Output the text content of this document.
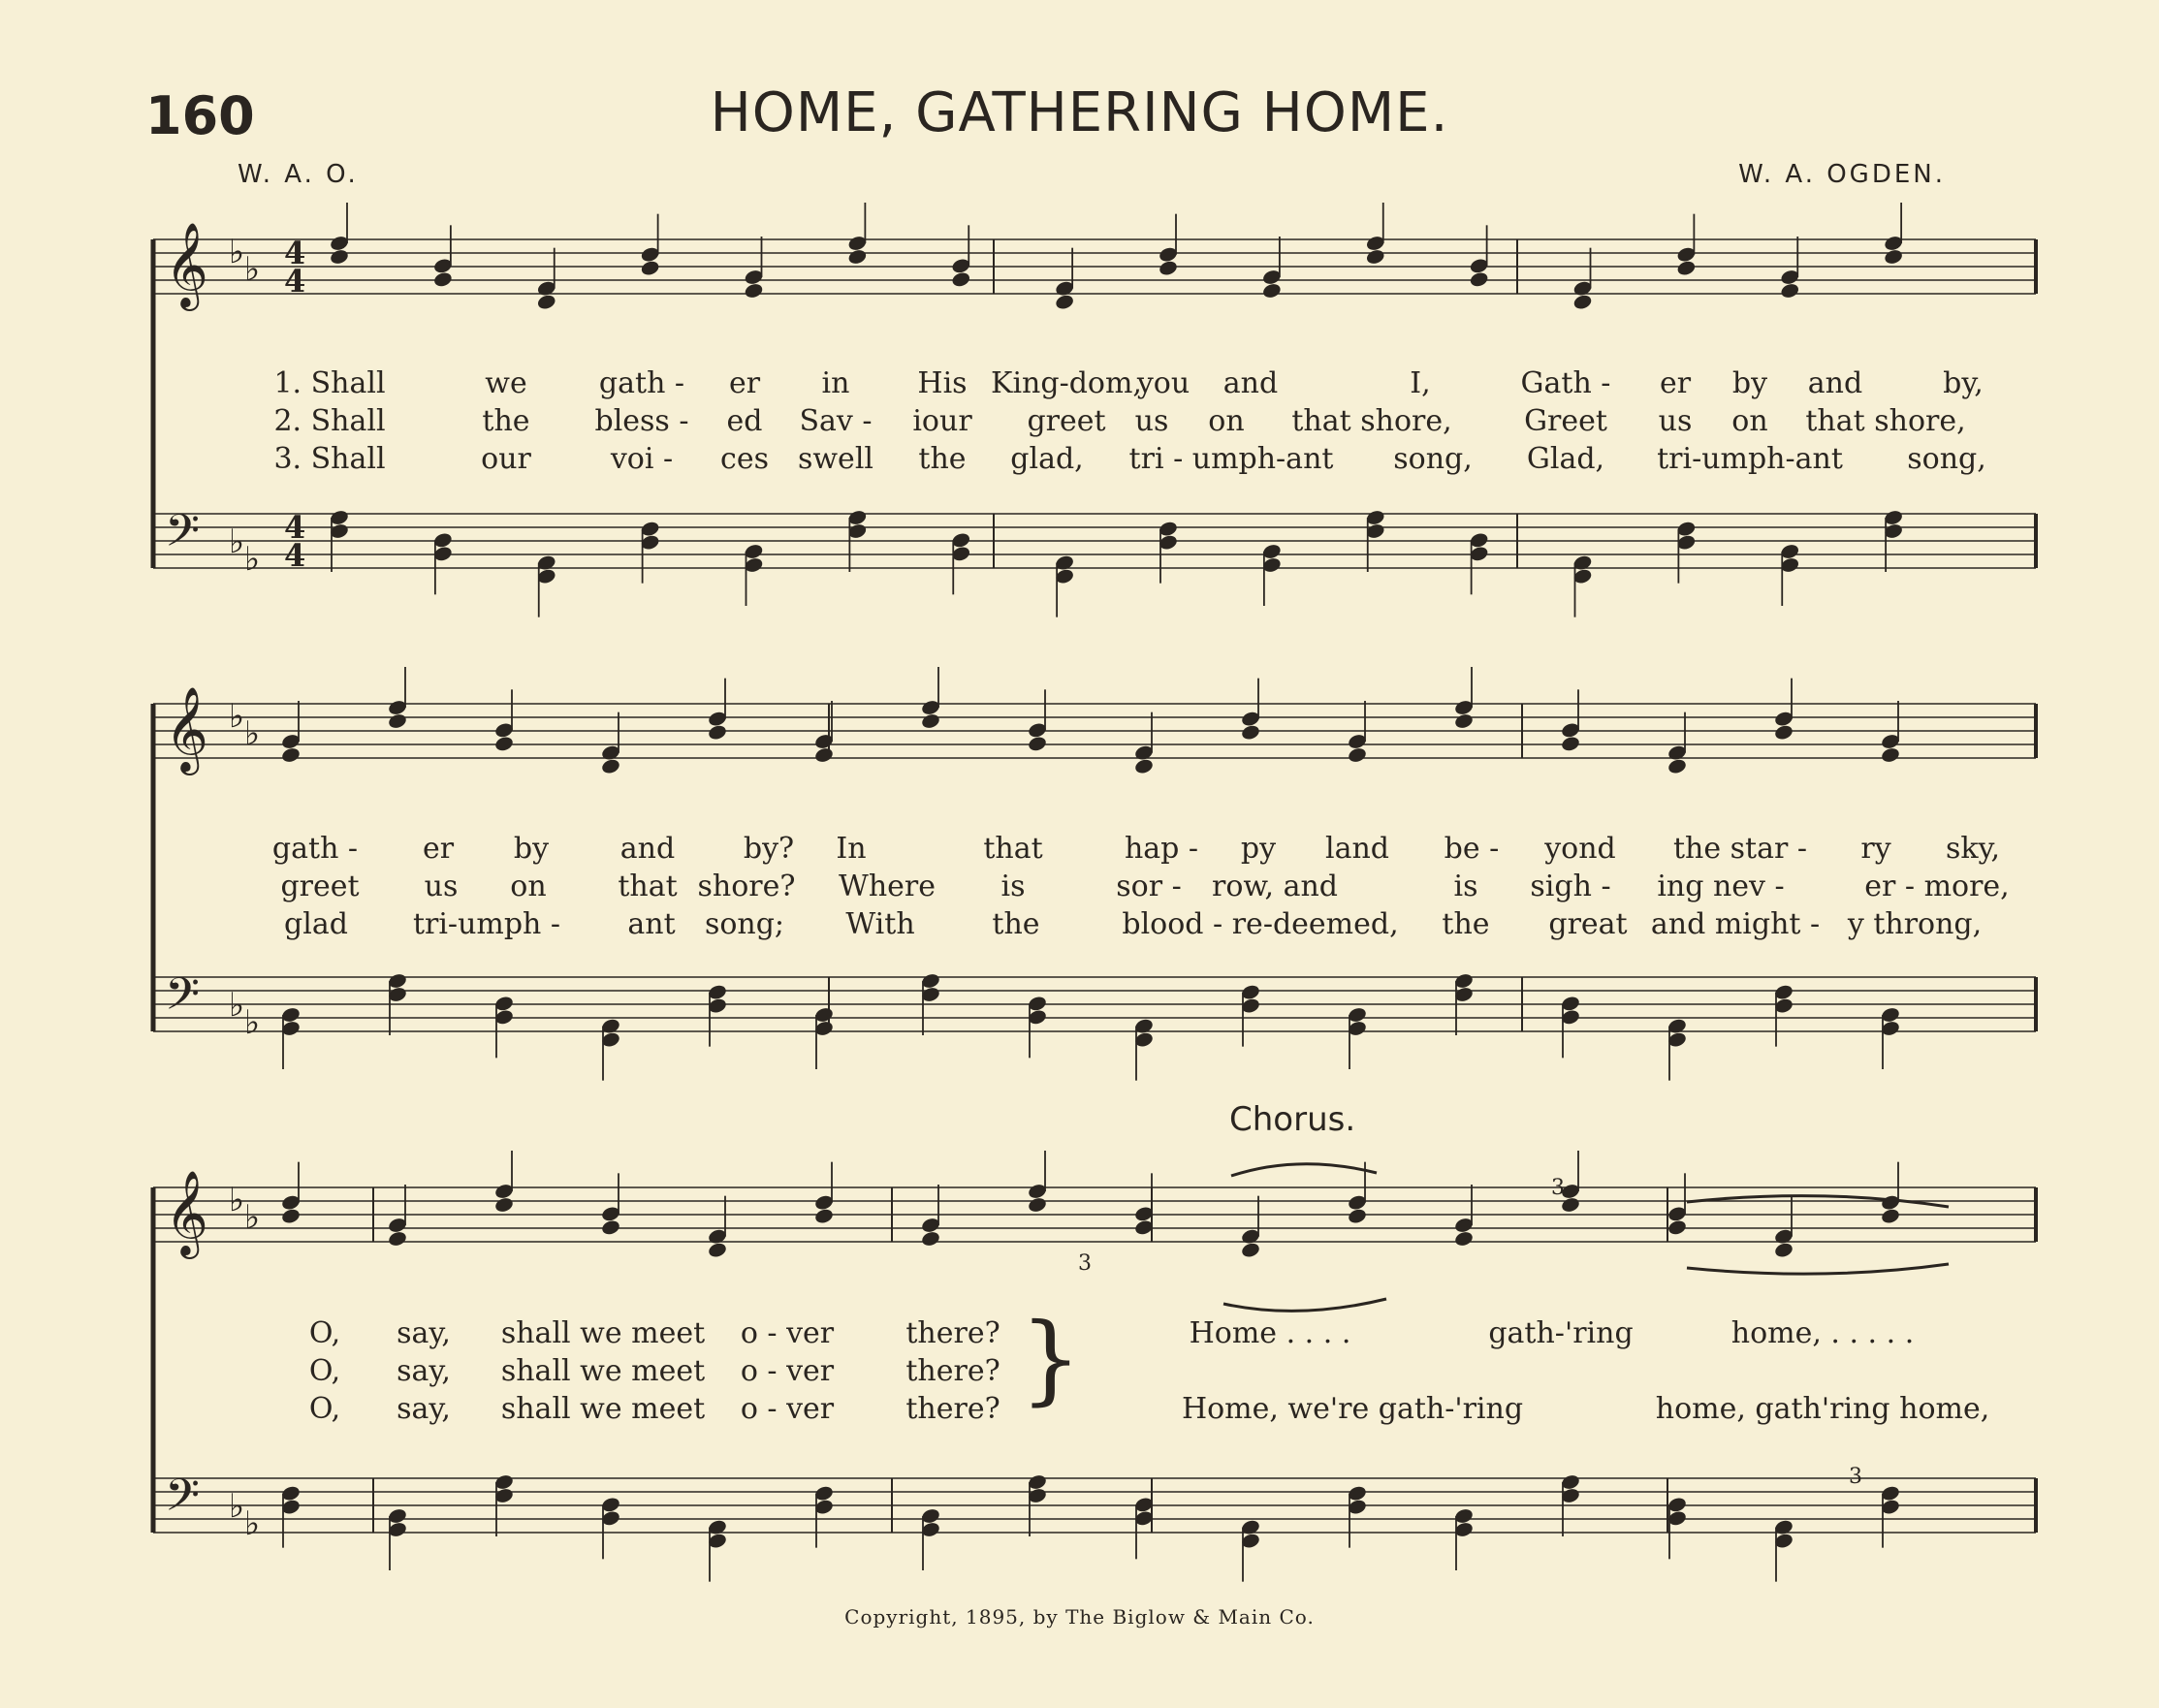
160	HOME, GATHERING HOME.
W. A. O.	W. A. OGDEN.
Chorus.
𝄞 ♭ ♭ 4
4
𝄢 ♭ ♭
4
4
𝄞 ♭ ♭
𝄢 ♭ ♭
𝄞 ♭ ♭
𝄢 ♭ ♭
3
3
3
1. Shall	we gath - er in His King-dom,
you and	I,	Gath - er by and	by,
2. Shall	the bless - ed Sav - iour greet us on that shore, Greet us on that shore,
3. Shall	our	voi - ces swell the glad, tri - umph-ant song, Glad, tri-umph-ant song,
gath - er by and by? In	that	hap - py land be - yond the star - ry sky,
greet us on that shore? Where is	sor - row, and	is sigh - ing nev -	er - more,
glad tri-umph - ant song; With	the	blood - re-deemed, the great and might - y throng,
O, say, shall we meet o - ver there?	Home . . . .	gath-'ring	home, . . . . .
O, say, shall we meet o - ver there?
O, say, shall we meet o - ver there?	Home, we're gath-'ring	home, gath'ring home,
}
Copyright, 1895, by The Biglow & Main Co.
